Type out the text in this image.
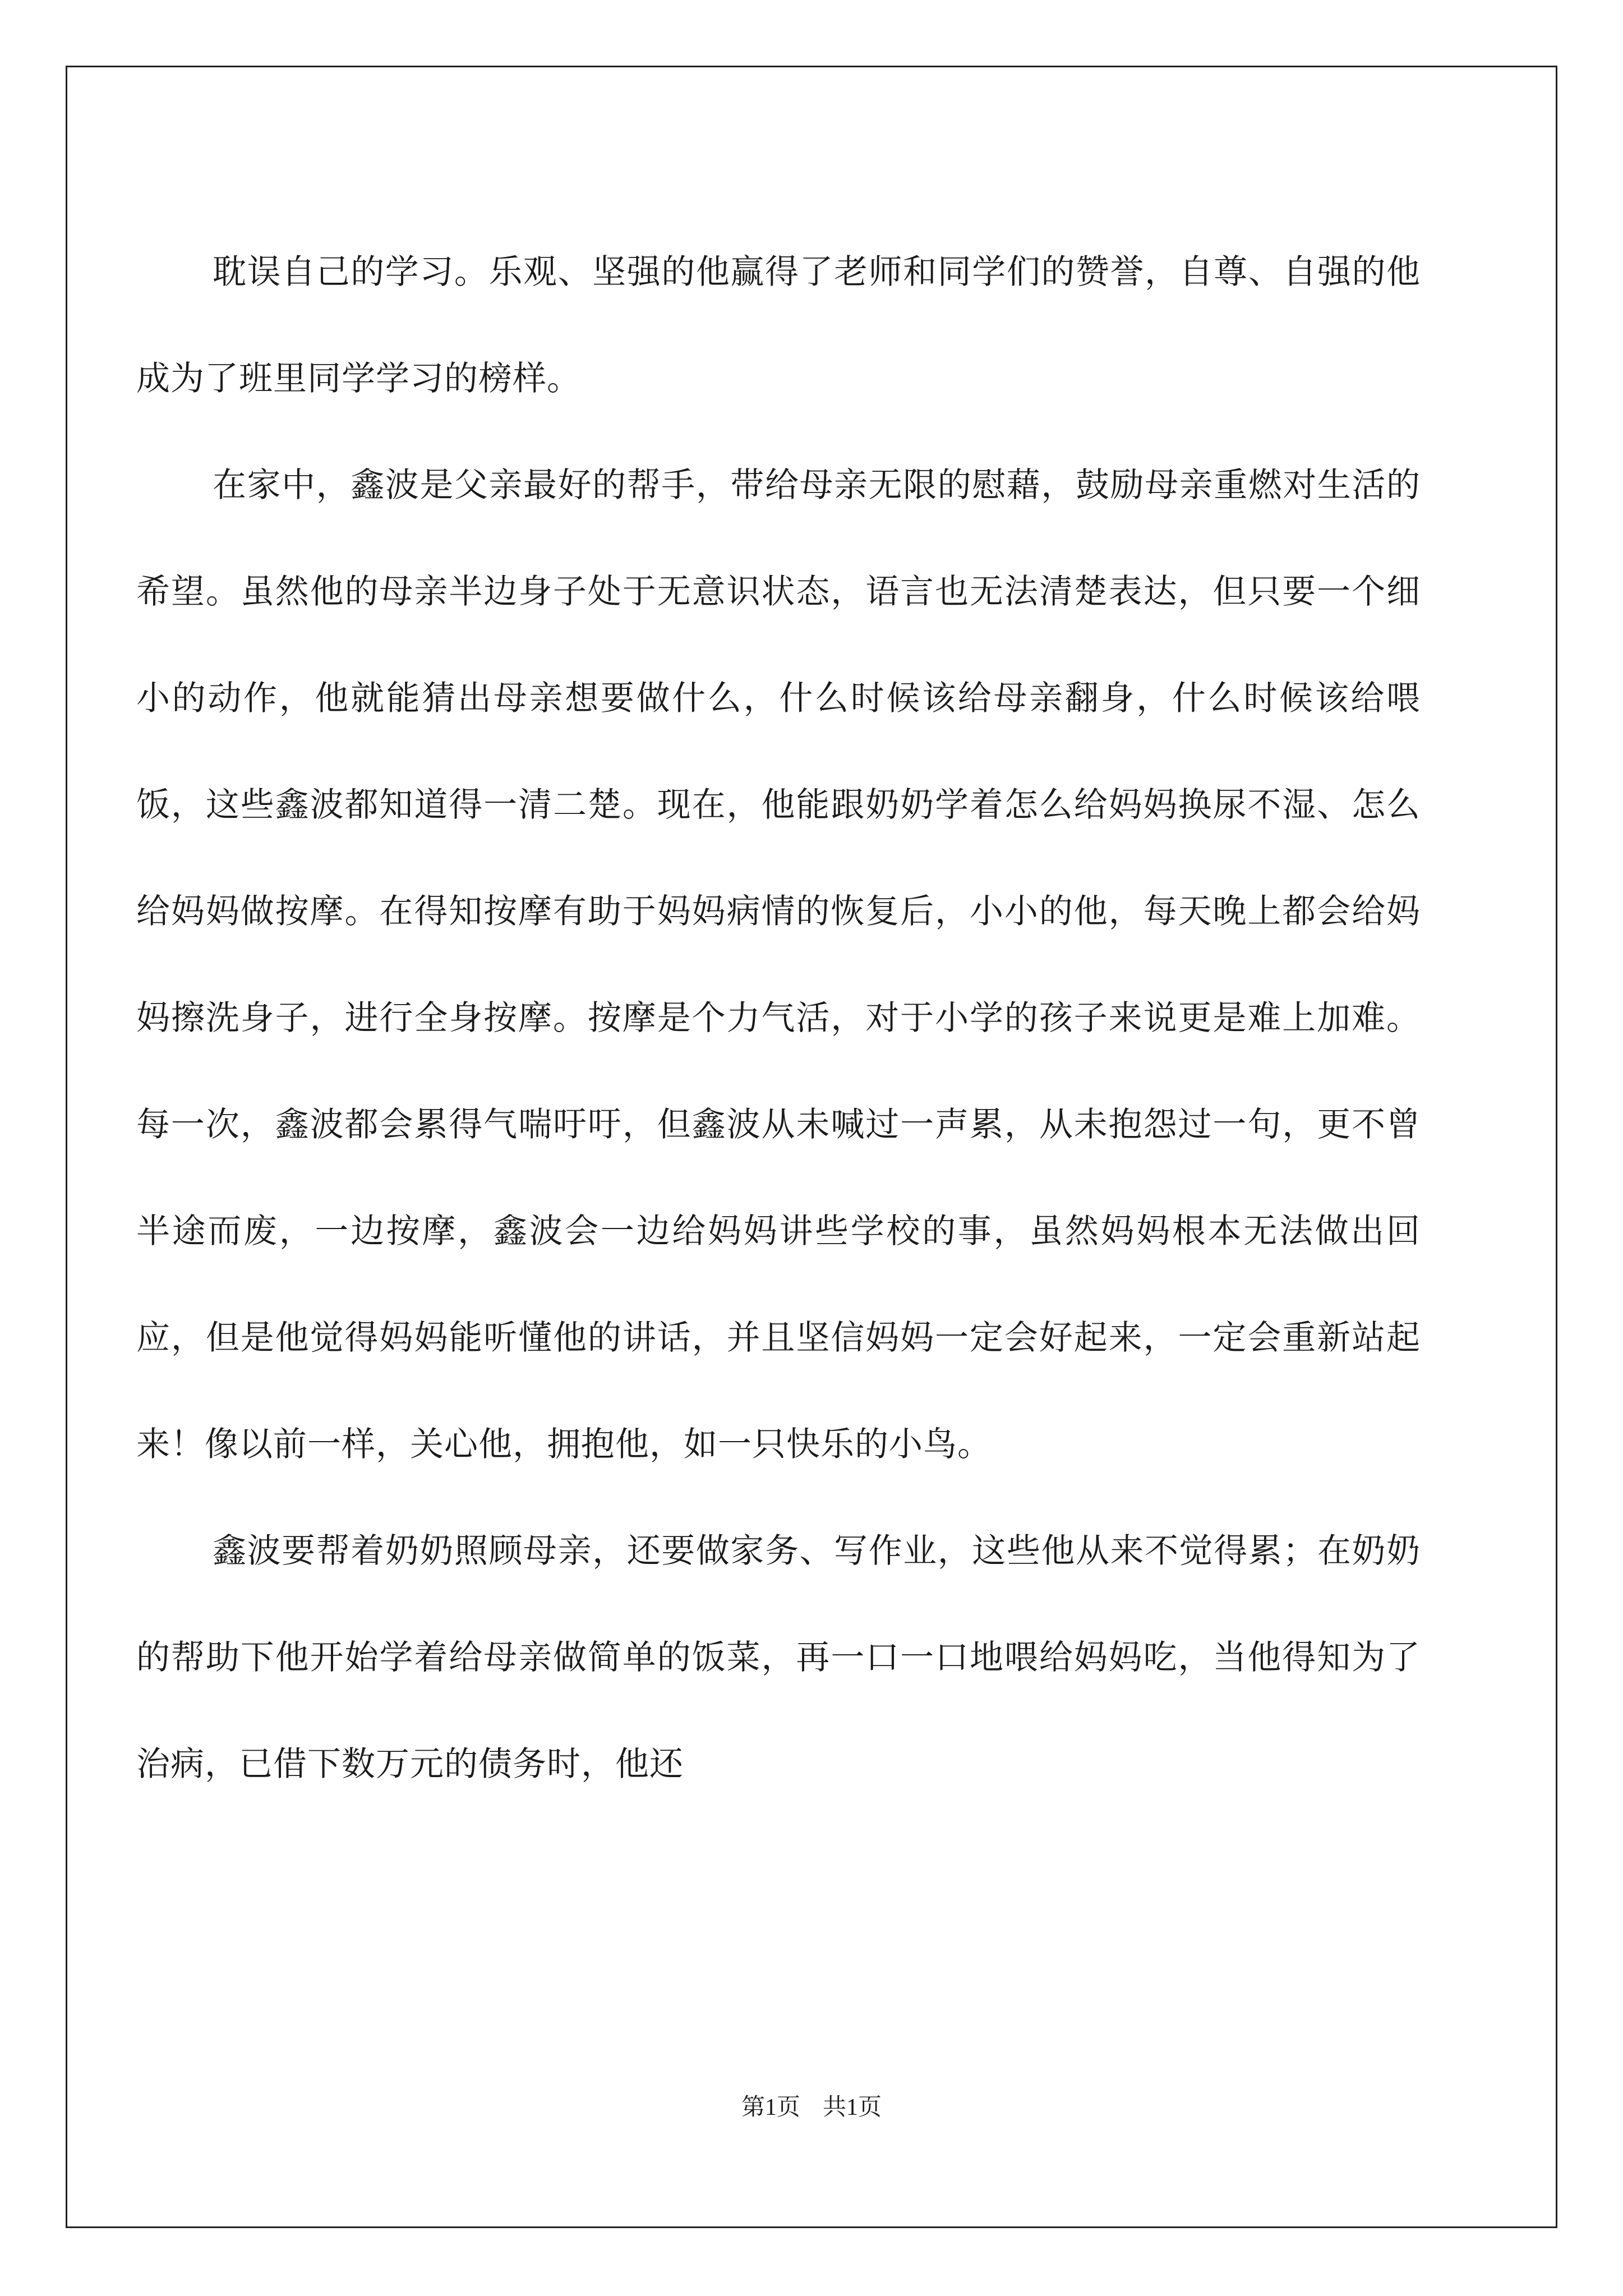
耽误自己的学习。乐观、坚强的他赢得了老师和同学们的赞誉，自尊、自强的他成为了班里同学学习的榜样。

在家中，鑫波是父亲最好的帮手，带给母亲无限的慰藉，鼓励母亲重燃对生活的希望。虽然他的母亲半边身子处于无意识状态，语言也无法清楚表达，但只要一个细小的动作，他就能猜出母亲想要做什么，什么时候该给母亲翻身，什么时候该给喂饭，这些鑫波都知道得一清二楚。现在，他能跟奶奶学着怎么给妈妈换尿不湿、怎么给妈妈做按摩。在得知按摩有助于妈妈病情的恢复后，小小的他，每天晚上都会给妈妈擦洗身子，进行全身按摩。按摩是个力气活，对于小学的孩子来说更是难上加难。每一次，鑫波都会累得气喘吁吁，但鑫波从未喊过一声累，从未抱怨过一句，更不曾半途而废，一边按摩，鑫波会一边给妈妈讲些学校的事，虽然妈妈根本无法做出回应，但是他觉得妈妈能听懂他的讲话，并且坚信妈妈一定会好起来，一定会重新站起来！像以前一样，关心他，拥抱他，如一只快乐的小鸟。

鑫波要帮着奶奶照顾母亲，还要做家务、写作业，这些他从来不觉得累；在奶奶的帮助下他开始学着给母亲做简单的饭菜，再一口一口地喂给妈妈吃，当他得知为了治病，已借下数万元的债务时，他还

第1页 共1页
